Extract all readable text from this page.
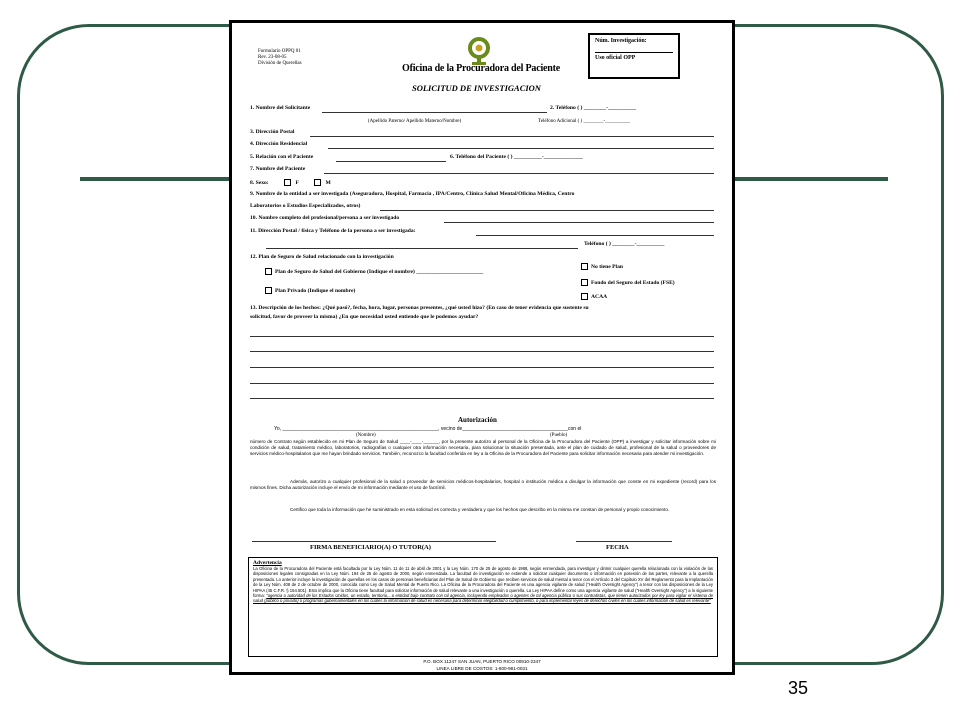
35
Formulario OPPQ 01
Rev. 23-08-05
División de Querellas	Oficina de la Procuradora del Paciente
Núm. Investigación:
Uso oficial OPP
SOLICITUD DE INVESTIGACION
1. Nombre del Solicitante	2. Teléfono ( ) ________-__________
(Apellido Paterno/ Apellido Materno/Nombre)	Teléfono Adicional ( ) ________-__________
3. Dirección Postal
4. Dirección Residencial
5. Relación con el Paciente	6. Teléfono del Paciente ( ) __________-______________
7. Nombre del Paciente
8. Sexo:	F	M
9. Nombre de la entidad a ser investigada (Aseguradora, Hospital, Farmacia , IPA/Centro, Clínica Salud Mental/Oficina Médica, Centro
Laboratorios o Estudios Especializados, otros)
10. Nombre completo del profesional/persona a ser investigado
11. Dirección Postal / física y Teléfono de la persona a ser investigada:
Teléfono ( ) ________-__________
12. Plan de Seguro de Salud relacionado con la investigación
Plan de Seguro de Salud del Gobierno (Indique el nombre) ________________________
Plan Privado (Indique el nombre)
No tiene Plan
Fondo del Seguro del Estado (FSE)
ACAA
13. Descripción de los hechos: ¿Qué pasó?, fecha, hora, lugar, personas presentes, ¿qué usted hizo? (En caso de tener evidencia que sustente su
solicitud, favor de proveer la misma) ¿En que necesidad usted entiende que le podemos ayudar?
Autorización
Yo, ________________________________________________________, vecino de______________________________________con el
(Nombre)	(Pueblo)
número de Contrato según establecido en mi Plan de Seguro de Salud ____-____-______, por la presente autorizo al personal de la Oficina de la Procuradora del Paciente (OPP) a investigar y solicitar información sobre mi condición de salud, tratamiento médico, laboratorios, radiografías o cualquier otra información necesaria, para solucionar la situación presentada, ante el plan de cuidado de salud, profesional de la salud o proveedores de servicios médico-hospitalarios que me hayan brindado servicios. También, reconozco la facultad conferida en ley a la Oficina de la Procuradora del Paciente para solicitar información necesaria para atender mi investigación.
Además, autorizo a cualquier profesional de la salud o proveedor de servicios médicos-hospitalarios, hospital o institución médica a divulgar la información que conste en mi expediente (record) para los mismos fines. Dicha autorización incluye el envío de mi información mediante el uso de facsímil.
Certifico que toda la información que he suministrado en esta solicitud es correcta y verdadera y que los hechos que describo en la misma me constan de personal y propio conocimiento.
FIRMA BENEFICIARIO(A) O TUTOR(A)	FECHA
Advertencia
La Oficina de la Procuradora del Paciente está facultada por la Ley Núm. 11 de 11 de abril de 2001 y la Ley Núm. 170 de 25 de agosto de 1988, según enmendada, para investigar y dirimir cualquier querella relacionada con la violación de las disposiciones legales consignadas en la Ley Núm. 194 de 25 de agosto de 2000, según enmendada. La facultad de investigación se extiende a solicitar cualquier documento o información en posesión de las partes, relevante a la querella presentada. Lo anterior incluye la investigación de querellas en los casos de personas beneficiarias del Plan de Salud de Gobierno que reciben servicios de salud mental a tenor con el Artículo 3 del Capítulo XV del Reglamento para la Implantación de la Ley Núm. 408 de 2 de octubre de 2000, conocida como Ley de Salud Mental de Puerto Rico. La Oficina de la Procuradora del Paciente es una agencia vigilante de salud ("Health Oversight Agency") a tenor con las disposiciones de la Ley HIPAA (45 C.F.R. § 164.501). Esto implica que la Oficina tiene facultad para solicitar información de salud relevante a una investigación o querella. La Ley HIPAA define como una agencia vigilante de salud ("Health Oversight Agency") a lo siguiente forma: "agencia o autoridad de los Estados Unidos, un estado, territorio,...o entidad bajo contrato con tal agencia, incluyendo empleados o agentes de tal agencia pública o sus contratistas, que tienen autorizados por ley para vigilar el sistema de salud (público o privado) o programas gubernamentales en los cuales la información de salud es necesaria para determinar elegibilidad o cumplimiento, o para implementar leyes de derechos civiles en los cuales información de salud es relevante"
P.O. BOX 11247 SAN JUAN, PUERTO RICO 00910-2347
LINEA LIBRE DE COSTOS: 1-800-981-0031
